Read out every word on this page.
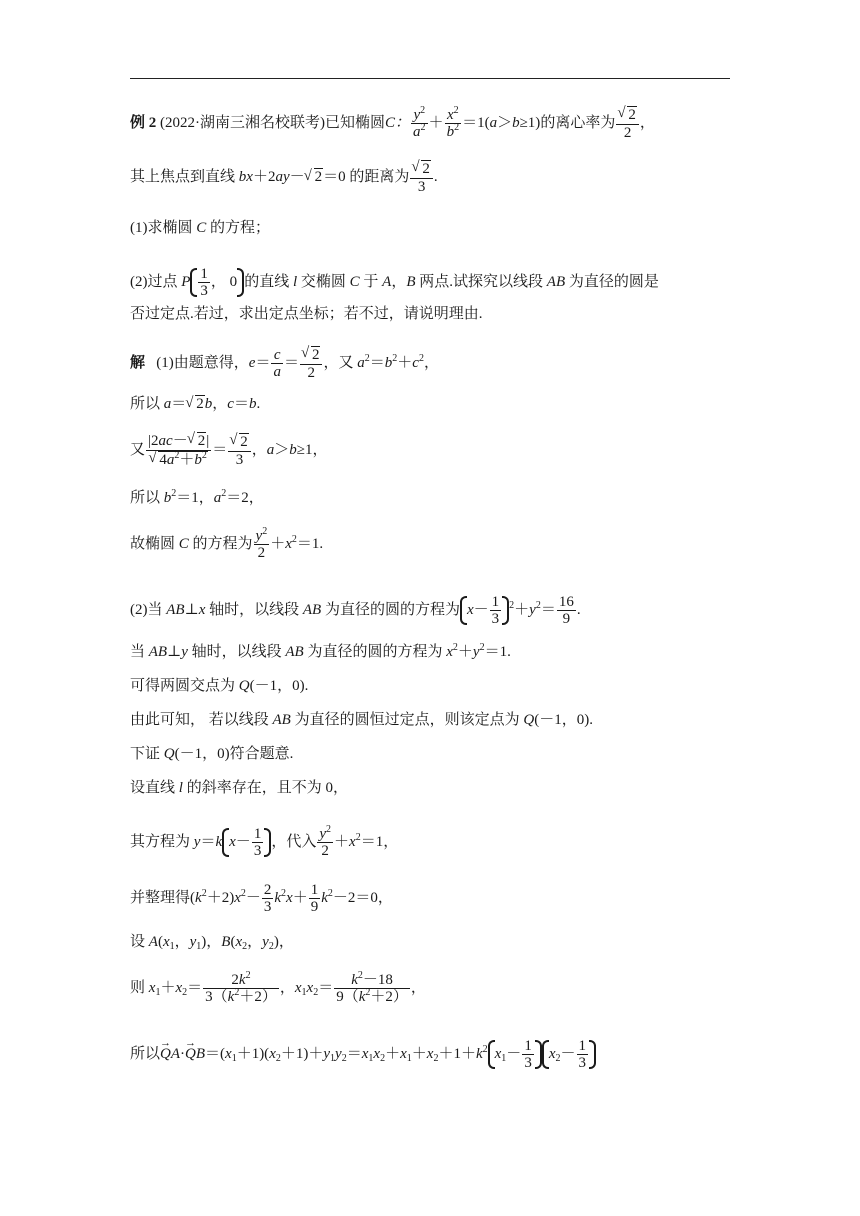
例 2 (2022·湖南三湘名校联考)已知椭圆C： $\frac{y^2}{a^2} + \frac{x^2}{b^2} =1(a>b\ge 1)$的离心率为 √ $\frac{2}{2}$ ，
其上焦点到直线 bx＋2ay－ √ 2＝0 的距离为 √ $\frac{2}{3}$ .
(1)求椭圆 C 的方程；
(2)过点 P $\frac{1}{3}$ ， 0 的直线 l 交椭圆 C 于 A，B 两点.试探究以线段 AB 为直径的圆是
否过定点.若过，求出定点坐标；若不过，请说明理由.
解 (1)由题意得，$e= \frac{c}{a}$ ＝ √ $\frac{2}{2}$ ，又 $a^2=b^2+c^2$，
所以 a＝ √ 2b，c＝b.
又 |2ac－ √ 2|
√ $4a^2+b^2$ ＝ √ $\frac{2}{3}$ ，a＞b≥1，
所以 $b^2=1$，$a^2=2$，
故椭圆 C 的方程为 $\frac{y^2}{2} +x^2=1$.
(2)当 AB⊥x 轴时，以线段 AB 为直径的圆的方程为 $x- \frac{1}{3} ^2+y^2= \frac{16}{9}$ .
当 AB⊥y 轴时，以线段 AB 为直径的圆的方程为 $x^2+y^2=1$.
可得两圆交点为 Q(－1，0).
由此可知， 若以线段 AB 为直径的圆恒过定点，则该定点为 Q(－1，0).
下证 Q(－1，0)符合题意.
设直线 l 的斜率存在，且不为 0，
其方程为 y＝k $x- \frac{1}{3}$ ，代入 $\frac{y^2}{2} +x^2=1$，
并整理得$(k^2+2)x^2- \frac{2}{3} k^2x+ \frac{1}{9} k^2-2=0$，
设 $A(x_1$，$y_1$)，$B(x_2$，$y_2$)，
则 $x_1+x_2= \frac{2k^2}{3(k^2+2)}$ ，$x_1x_2= \frac{k^2-18}{9(k^2+2)}$ ，
所以QA $\to\cdot QB \to=(x_1+1)(x_2+1)+y_1y_2=x_1x_2+x_1+x_2+1+k^2$ $x_1- \frac{1}{3} x_2- \frac{1}{3}$
